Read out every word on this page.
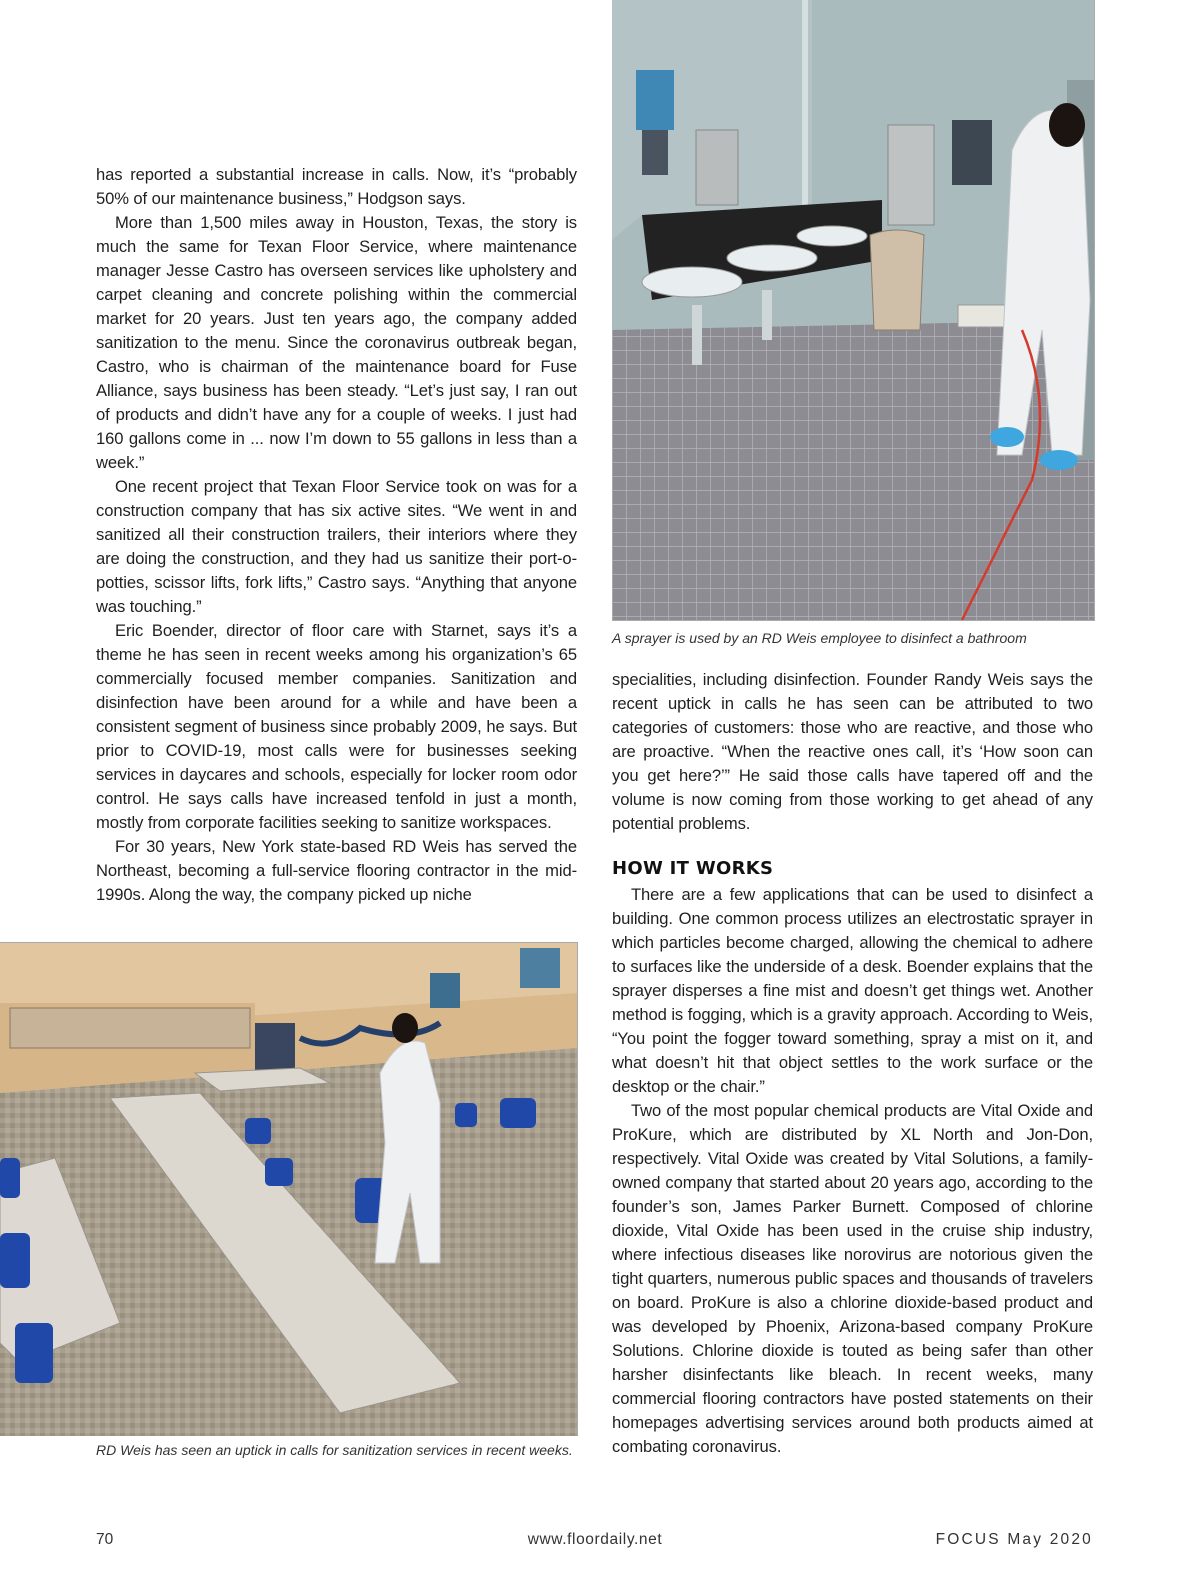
has reported a substantial increase in calls. Now, it’s “probably 50% of our maintenance business,” Hodgson says.

More than 1,500 miles away in Houston, Texas, the story is much the same for Texan Floor Service, where maintenance manager Jesse Castro has overseen services like upholstery and carpet cleaning and concrete polishing within the commercial market for 20 years. Just ten years ago, the company added sanitization to the menu. Since the coronavirus outbreak began, Castro, who is chairman of the maintenance board for Fuse Alliance, says business has been steady. “Let’s just say, I ran out of products and didn’t have any for a couple of weeks. I just had 160 gallons come in ... now I’m down to 55 gallons in less than a week.”

One recent project that Texan Floor Service took on was for a construction company that has six active sites. “We went in and sanitized all their construction trailers, their interiors where they are doing the construction, and they had us sanitize their port-o-potties, scissor lifts, fork lifts,” Castro says. “Anything that anyone was touching.”

Eric Boender, director of floor care with Starnet, says it’s a theme he has seen in recent weeks among his organization’s 65 commercially focused member companies. Sanitization and disinfection have been around for a while and have been a consistent segment of business since probably 2009, he says. But prior to COVID-19, most calls were for businesses seeking services in daycares and schools, especially for locker room odor control. He says calls have increased tenfold in just a month, mostly from corporate facilities seeking to sanitize workspaces.

For 30 years, New York state-based RD Weis has served the Northeast, becoming a full-service flooring contractor in the mid-1990s. Along the way, the company picked up niche

A sprayer is used by an RD Weis employee to disinfect a bathroom

specialities, including disinfection. Founder Randy Weis says the recent uptick in calls he has seen can be attributed to two categories of customers: those who are reactive, and those who are proactive. “When the reactive ones call, it’s ‘How soon can you get here?’” He said those calls have tapered off and the volume is now coming from those working to get ahead of any potential problems.

HOW IT WORKS

There are a few applications that can be used to disinfect a building. One common process utilizes an electrostatic sprayer in which particles become charged, allowing the chemical to adhere to surfaces like the underside of a desk. Boender explains that the sprayer disperses a fine mist and doesn’t get things wet. Another method is fogging, which is a gravity approach. According to Weis, “You point the fogger toward something, spray a mist on it, and what doesn’t hit that object settles to the work surface or the desktop or the chair.”

Two of the most popular chemical products are Vital Oxide and ProKure, which are distributed by XL North and Jon-Don, respectively. Vital Oxide was created by Vital Solutions, a family-owned company that started about 20 years ago, according to the founder’s son, James Parker Burnett. Composed of chlorine dioxide, Vital Oxide has been used in the cruise ship industry, where infectious diseases like norovirus are notorious given the tight quarters, numerous public spaces and thousands of travelers on board. ProKure is also a chlorine dioxide-based product and was developed by Phoenix, Arizona-based company ProKure Solutions. Chlorine dioxide is touted as being safer than other harsher disinfectants like bleach. In recent weeks, many commercial flooring contractors have posted statements on their homepages advertising services around both products aimed at combating coronavirus.

RD Weis has seen an uptick in calls for sanitization services in recent weeks.
70	www.floordaily.net	FOCUS May 2020
